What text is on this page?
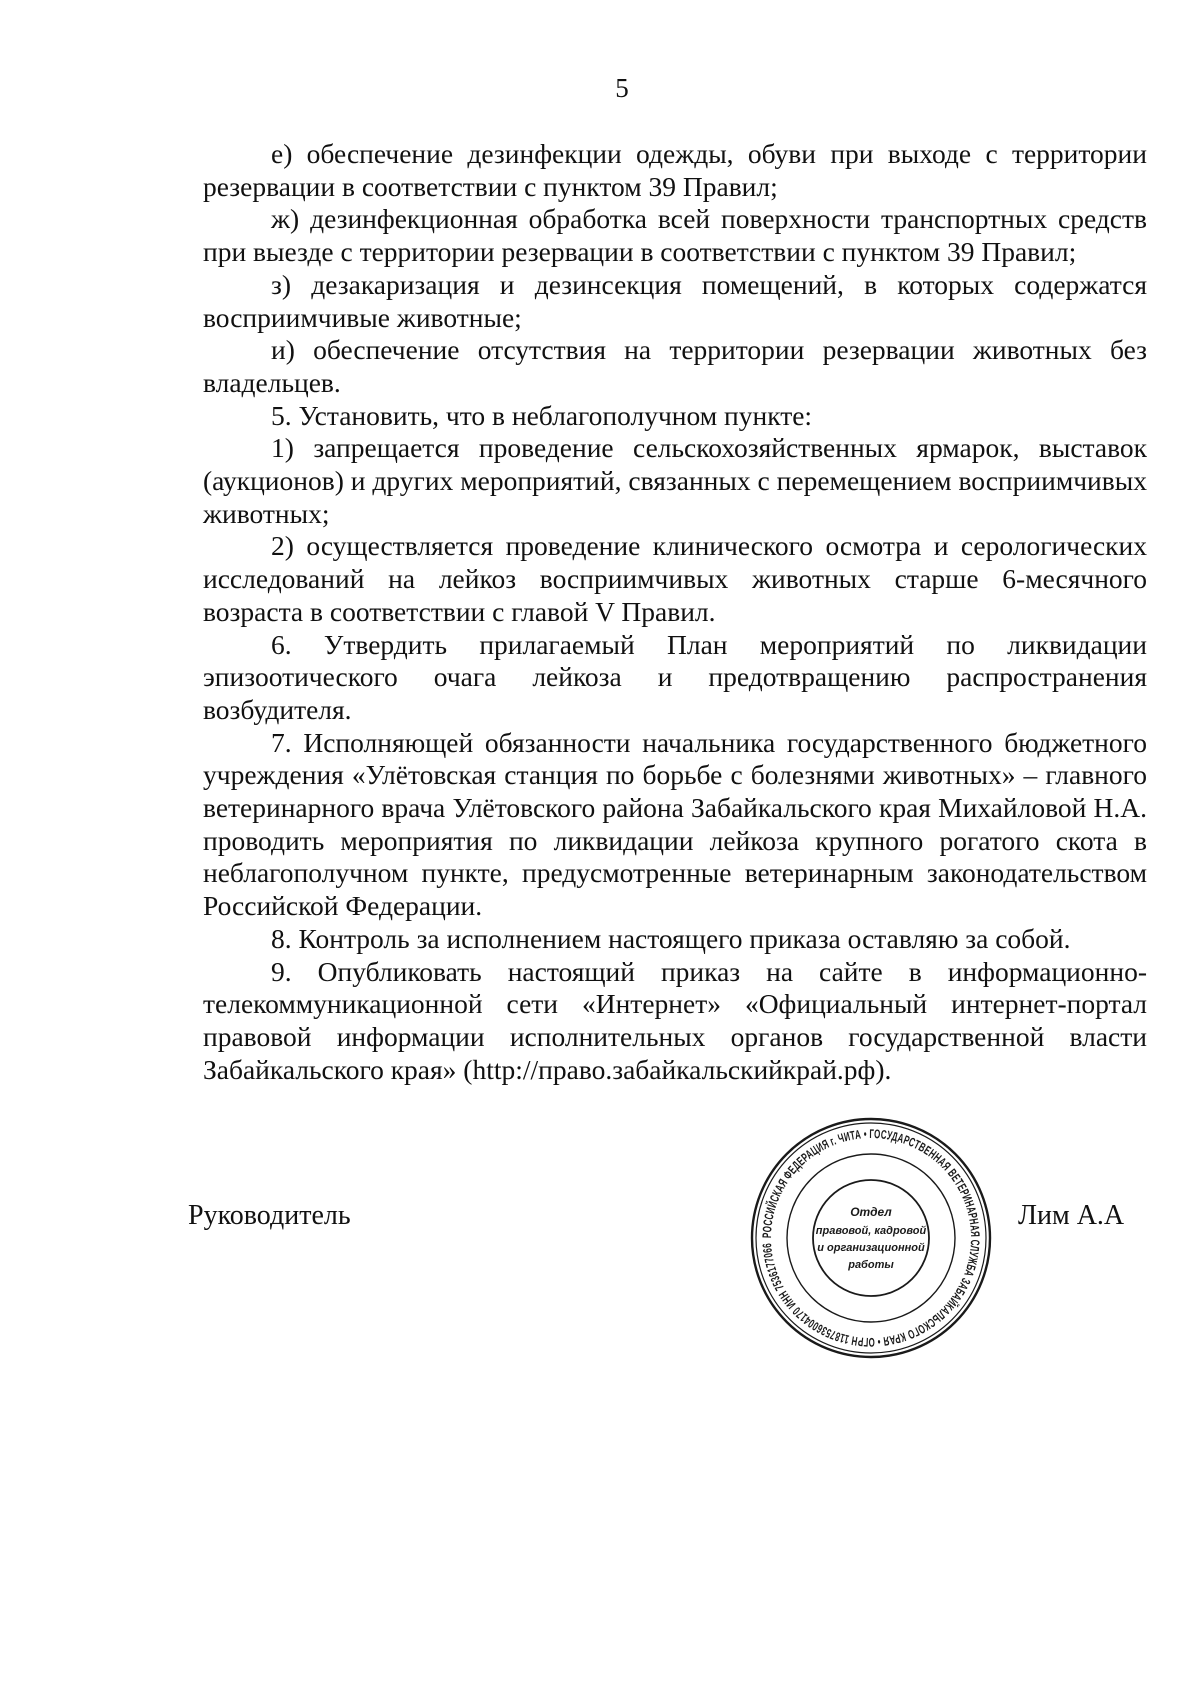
5

е) обеспечение дезинфекции одежды, обуви при выходе с территории резервации в соответствии с пунктом 39 Правил;

ж) дезинфекционная обработка всей поверхности транспортных средств при выезде с территории резервации в соответствии с пунктом 39 Правил;

з) дезакаризация и дезинсекция помещений, в которых содержатся восприимчивые животные;

и) обеспечение отсутствия на территории резервации животных без владельцев.

5. Установить, что в неблагополучном пункте:

1) запрещается проведение сельскохозяйственных ярмарок, выставок (аукционов) и других мероприятий, связанных с перемещением восприимчивых животных;

2) осуществляется проведение клинического осмотра и серологических исследований на лейкоз восприимчивых животных старше 6-месячного возраста в соответствии с главой V Правил.

6. Утвердить прилагаемый План мероприятий по ликвидации эпизоотического очага лейкоза и предотвращению распространения возбудителя.

7. Исполняющей обязанности начальника государственного бюджетного учреждения «Улётовская станция по борьбе с болезнями животных» – главного ветеринарного врача Улётовского района Забайкальского края Михайловой Н.А. проводить мероприятия по ликвидации лейкоза крупного рогатого скота в неблагополучном пункте, предусмотренные ветеринарным законодательством Российской Федерации.

8. Контроль за исполнением настоящего приказа оставляю за собой.

9. Опубликовать настоящий приказ на сайте в информационно-телекоммуникационной сети «Интернет» «Официальный интернет-портал правовой информации исполнительных органов государственной власти Забайкальского края» (http://право.забайкальскийкрай.рф).

Руководитель	Лим А.А
РОССИЙСКАЯ ФЕДЕРАЦИЯ г. ЧИТА • ГОСУДАРСТВЕННАЯ ВЕТЕРИНАРНАЯ СЛУЖБА ЗАБАЙКАЛЬСКОГО КРАЯ • ОГРН 1187536004170 ИНН 7536177066
Отдел
правовой, кадровой
и организационной
работы
